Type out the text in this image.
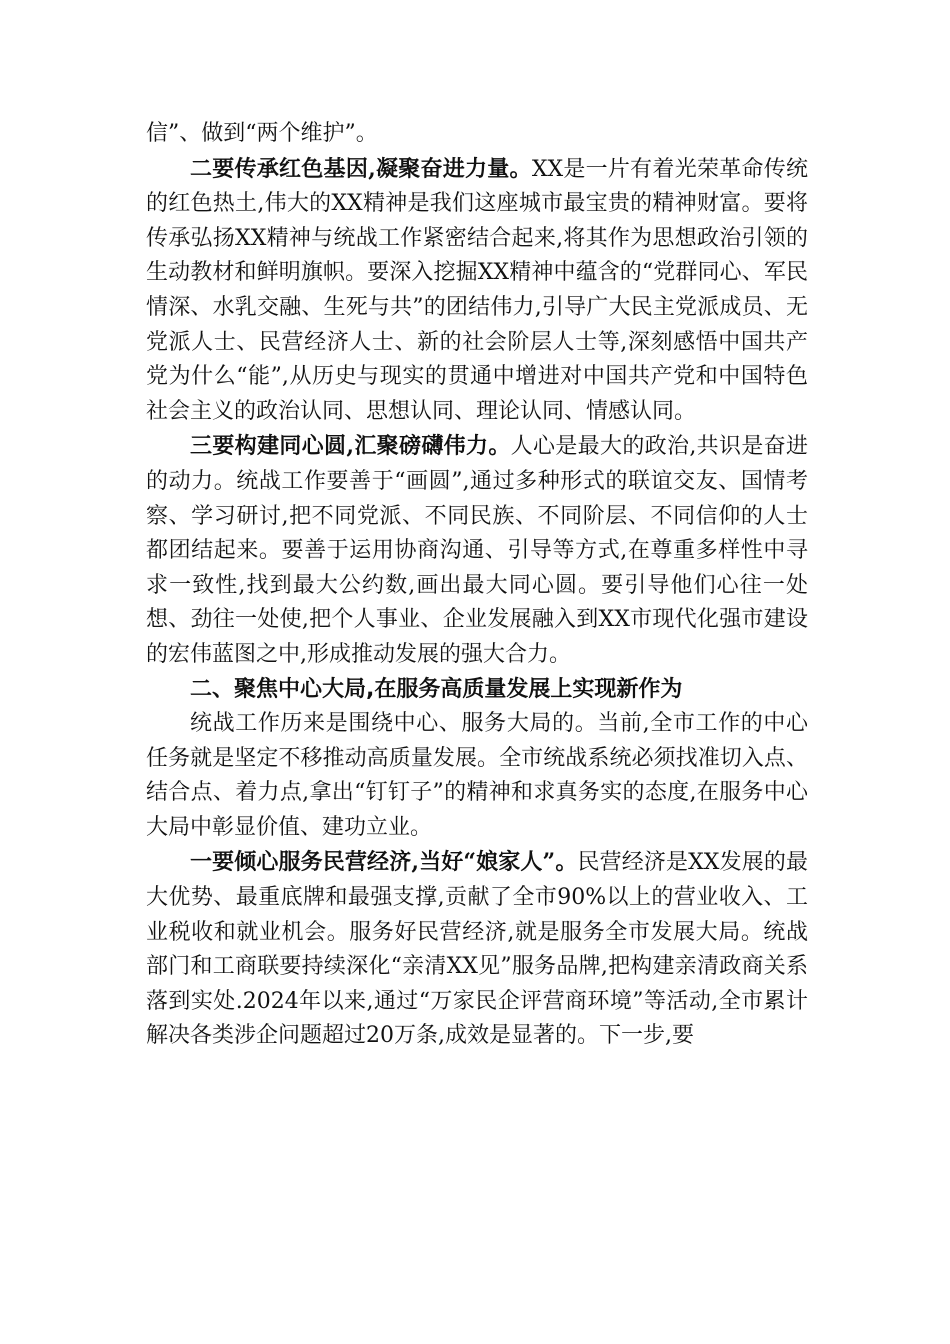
信”、做到“两个维护”。

二要传承红色基因,凝聚奋进力量。XX是一片有着光荣革命传统的红色热土,伟大的XX精神是我们这座城市最宝贵的精神财富。要将传承弘扬XX精神与统战工作紧密结合起来,将其作为思想政治引领的生动教材和鲜明旗帜。要深入挖掘XX精神中蕴含的“党群同心、军民情深、水乳交融、生死与共”的团结伟力,引导广大民主党派成员、无党派人士、民营经济人士、新的社会阶层人士等,深刻感悟中国共产党为什么“能”,从历史与现实的贯通中增进对中国共产党和中国特色社会主义的政治认同、思想认同、理论认同、情感认同。

三要构建同心圆,汇聚磅礴伟力。人心是最大的政治,共识是奋进的动力。统战工作要善于“画圆”,通过多种形式的联谊交友、国情考察、学习研讨,把不同党派、不同民族、不同阶层、不同信仰的人士都团结起来。要善于运用协商沟通、引导等方式,在尊重多样性中寻求一致性,找到最大公约数,画出最大同心圆。要引导他们心往一处想、劲往一处使,把个人事业、企业发展融入到XX市现代化强市建设的宏伟蓝图之中,形成推动发展的强大合力。

二、聚焦中心大局,在服务高质量发展上实现新作为

统战工作历来是围绕中心、服务大局的。当前,全市工作的中心任务就是坚定不移推动高质量发展。全市统战系统必须找准切入点、结合点、着力点,拿出“钉钉子”的精神和求真务实的态度,在服务中心大局中彰显价值、建功立业。

一要倾心服务民营经济,当好“娘家人”。民营经济是XX发展的最大优势、最重底牌和最强支撑,贡献了全市90%以上的营业收入、工业税收和就业机会。服务好民营经济,就是服务全市发展大局。统战部门和工商联要持续深化“亲清XX见”服务品牌,把构建亲清政商关系落到实处.2024年以来,通过“万家民企评营商环境”等活动,全市累计解决各类涉企问题超过20万条,成效是显著的。下一步,要
